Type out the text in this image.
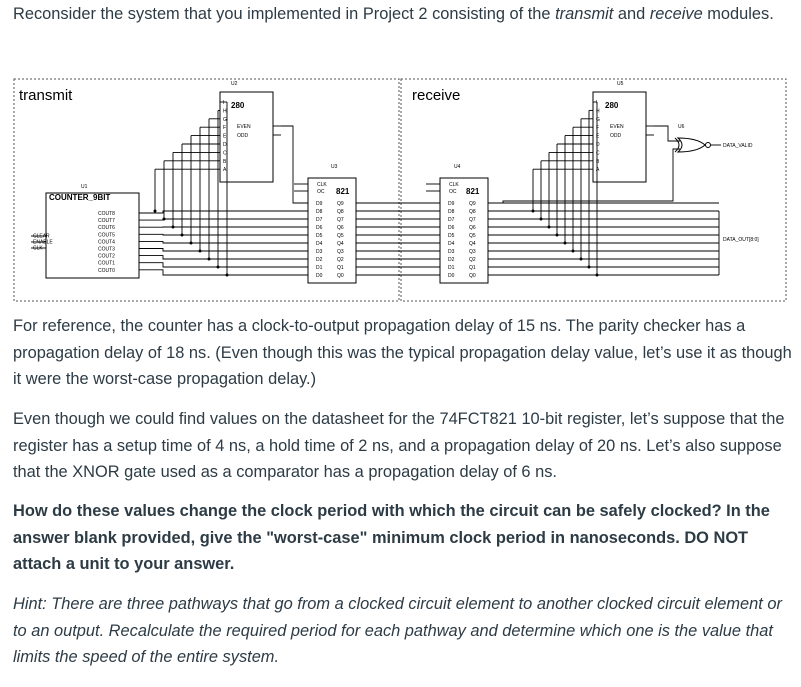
Reconsider the system that you implemented in Project 2 consisting of the transmit and receive modules.
transmit	receive
U1
COUNTER_9BIT
CLEAR
ENABLE
CLK
COUT8
COUT7
COUT6
COUT5
COUT4
COUT3
COUT2
COUT1
COUT0
U2
280
I
H
G
F
E
D
C
B
A
EVEN
ODD
U3
821
CLK
OC
D9	Q9
D8	Q8
D7	Q7
D6	Q6
D5	Q5
D4	Q4
D3	Q3
D2	Q2
D1	Q1
D0	Q0
U4
821
CLK
OC
D9	Q9
D8	Q8
D7	Q7
D6	Q6
D5	Q5
D4	Q4
D3	Q3
D2	Q2
D1	Q1
D0	Q0
U5
280
I
H
G
F
E
D
C
B
A
EVEN
ODD
U6
DATA_VALID
DATA_OUT[8:0]
For reference, the counter has a clock-to-output propagation delay of 15 ns. The parity checker has a propagation delay of 18 ns. (Even though this was the typical propagation delay value, let’s use it as though it were the worst-case propagation delay.)
Even though we could find values on the datasheet for the 74FCT821 10-bit register, let’s suppose that the register has a setup time of 4 ns, a hold time of 2 ns, and a propagation delay of 20 ns. Let’s also suppose that the XNOR gate used as a comparator has a propagation delay of 6 ns.
How do these values change the clock period with which the circuit can be safely clocked? In the answer blank provided, give the "worst-case" minimum clock period in nanoseconds. DO NOT attach a unit to your answer.
Hint: There are three pathways that go from a clocked circuit element to another clocked circuit element or to an output. Recalculate the required period for each pathway and determine which one is the value that limits the speed of the entire system.
